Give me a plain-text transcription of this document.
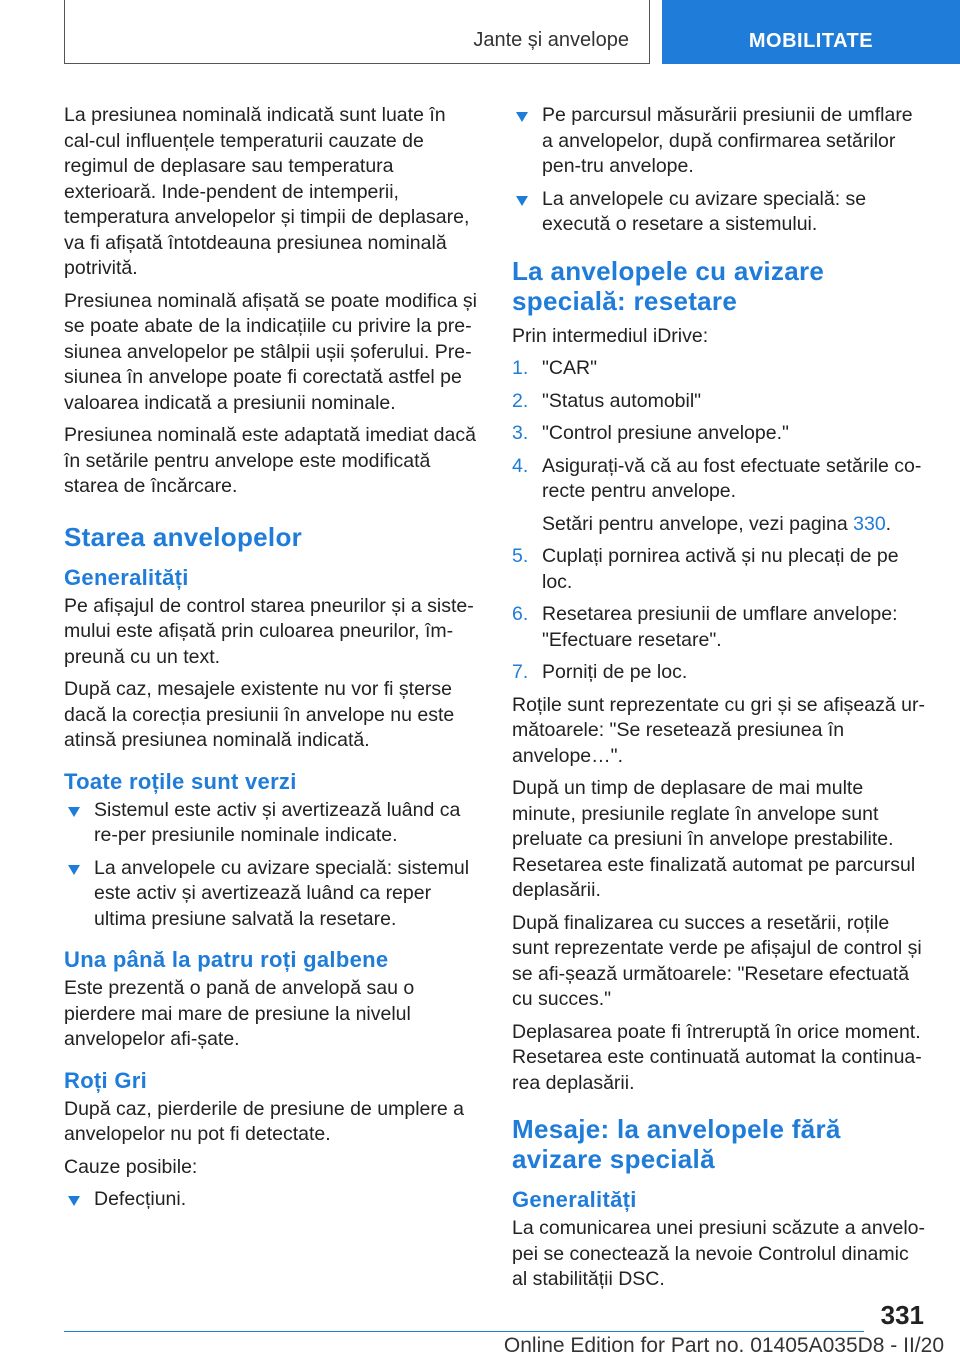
Jante și anvelope	MOBILITATE

La presiunea nominală indicată sunt luate în cal-cul influențele temperaturii cauzate de regimul de deplasare sau temperatura exterioară. Inde-pendent de intemperii, temperatura anvelopelor și timpii de deplasare, va fi afișată întotdeauna presiunea nominală potrivită.

Presiunea nominală afișată se poate modifica și se poate abate de la indicațiile cu privire la pre-siunea anvelopelor pe stâlpii ușii șoferului. Pre-siunea în anvelope poate fi corectată astfel pe valoarea indicată a presiunii nominale.

Presiunea nominală este adaptată imediat dacă în setările pentru anvelope este modificată starea de încărcare.

Starea anvelopelor
Generalități

Pe afișajul de control starea pneurilor și a siste-mului este afișată prin culoarea pneurilor, îm-preună cu un text.

După caz, mesajele existente nu vor fi șterse dacă la corecția presiunii în anvelope nu este atinsă presiunea nominală indicată.

Toate roțile sunt verzi
Sistemul este activ și avertizează luând ca re-per presiunile nominale indicate.
La anvelopele cu avizare specială: sistemul este activ și avertizează luând ca reper ultima presiune salvată la resetare.
Una până la patru roți galbene

Este prezentă o pană de anvelopă sau o pierdere mai mare de presiune la nivelul anvelopelor afi-șate.

Roți Gri

După caz, pierderile de presiune de umplere a anvelopelor nu pot fi detectate.

Cauze posibile:

Defecțiuni.
Pe parcursul măsurării presiunii de umflare a anvelopelor, după confirmarea setărilor pen-tru anvelope.
La anvelopele cu avizare specială: se execută o resetare a sistemului.
La anvelopele cu avizare specială: resetare

Prin intermediul iDrive:

1. "CAR"
2. "Status automobil"
3. "Control presiune anvelope."
4. Asigurați-vă că au fost efectuate setările co-recte pentru anvelope.
Setări pentru anvelope, vezi pagina 330.
5. Cuplați pornirea activă și nu plecați de pe loc.
6. Resetarea presiunii de umflare anvelope: "Efectuare resetare".
7. Porniți de pe loc.

Roțile sunt reprezentate cu gri și se afișează ur-mătoarele: "Se resetează presiunea în anvelope…".

După un timp de deplasare de mai multe minute, presiunile reglate în anvelope sunt preluate ca presiuni în anvelope prestabilite. Resetarea este finalizată automat pe parcursul deplasării.

După finalizarea cu succes a resetării, roțile sunt reprezentate verde pe afișajul de control și se afi-șează următoarele: "Resetare efectuată cu succes."

Deplasarea poate fi întreruptă în orice moment. Resetarea este continuată automat la continua-rea deplasării.

Mesaje: la anvelopele fără avizare specială
Generalități

La comunicarea unei presiuni scăzute a anvelo-pei se conectează la nevoie Controlul dinamic al stabilității DSC.

331
Online Edition for Part no. 01405A035D8 - II/20
